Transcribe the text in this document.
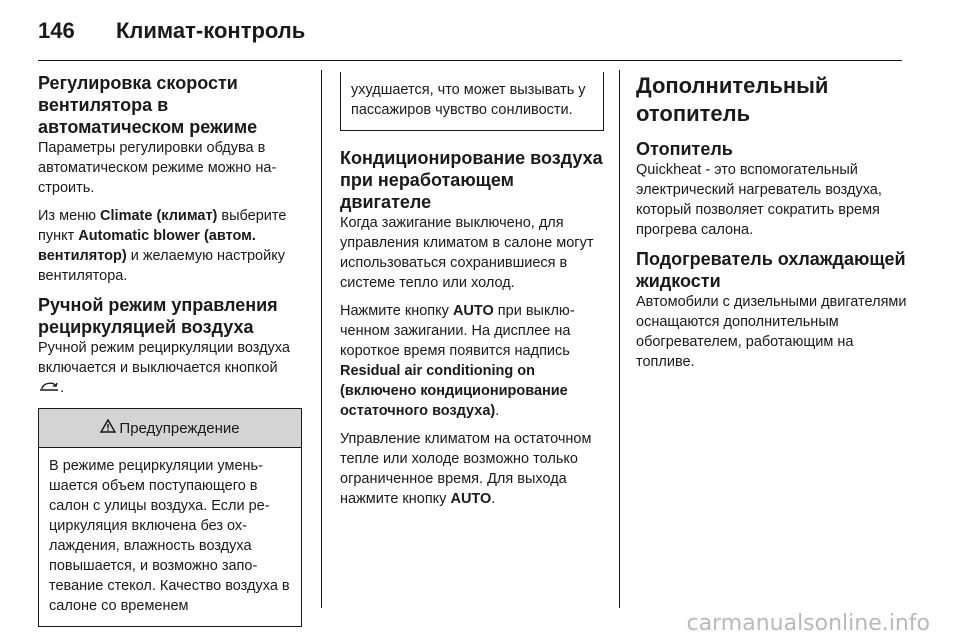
146	Климат-контроль
Регулировка скорости вентилятора в автоматическом режиме

Параметры регулировки обдува в автоматическом режиме можно настроить.

Из меню Climate (климат) выберите пункт Automatic blower (автом. вентилятор) и желаемую настройку вентилятора.

Ручной режим управления рециркуляцией воздуха

Ручной режим рециркуляции воздуха включается и выключается кнопкой .

Предупреждение

В режиме рециркуляции уменьшается объем поступающего в салон с улицы воздуха. Если рециркуляция включена без охлаждения, влажность воздуха повышается, и возможно запотевание стекол. Качество воздуха в салоне со временем

ухудшается, что может вызывать у пассажиров чувство сонливости.

Кондиционирование воздуха при неработающем двигателе

Когда зажигание выключено, для управления климатом в салоне могут использоваться сохранившиеся в системе тепло или холод.

Нажмите кнопку AUTO при выключенном зажигании. На дисплее на короткое время появится надпись Residual air conditioning on (включено кондиционирование остаточного воздуха).

Управление климатом на остаточном тепле или холоде возможно только ограниченное время. Для выхода нажмите кнопку AUTO.

Дополнительный отопитель
Отопитель

Quickheat - это вспомогательный электрический нагреватель воздуха, который позволяет сократить время прогрева салона.

Подогреватель охлаждающей жидкости

Автомобили с дизельными двигателями оснащаются дополнительным обогревателем, работающим на топливе.

carmanualsonline.info
